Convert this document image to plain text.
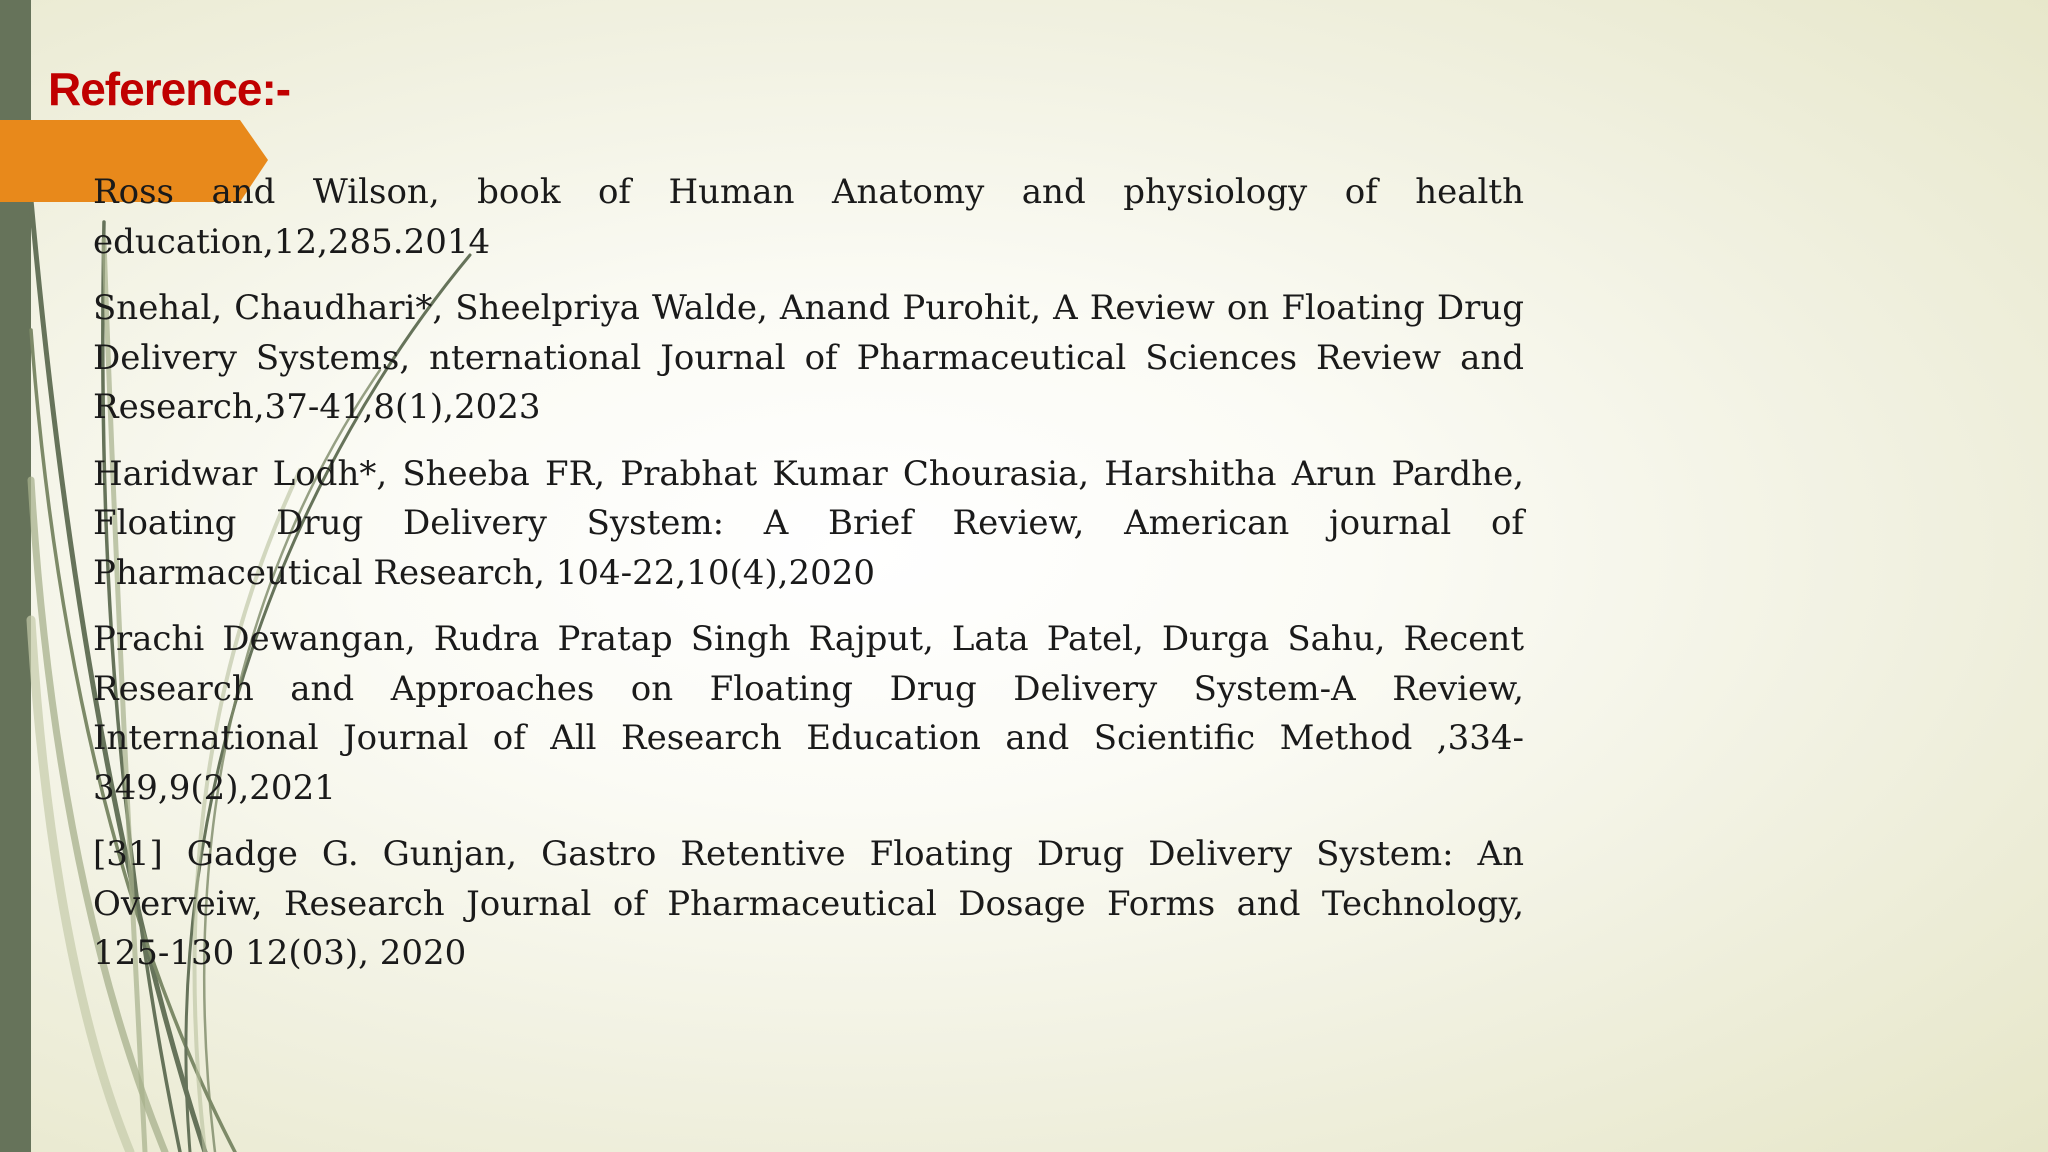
Reference:-
Ross and Wilson, book of Human Anatomy and physiology of health education,12,285.2014
Snehal, Chaudhari*, Sheelpriya Walde, Anand Purohit, A Review on Floating Drug Delivery Systems, nternational Journal of Pharmaceutical Sciences Review and Research,37-41,8(1),2023
Haridwar Lodh*, Sheeba FR, Prabhat Kumar Chourasia, Harshitha Arun Pardhe, Floating Drug Delivery System: A Brief Review, American journal of Pharmaceutical Research, 104-22,10(4),2020
Prachi Dewangan, Rudra Pratap Singh Rajput, Lata Patel, Durga Sahu, Recent Research and Approaches on Floating Drug Delivery System-A Review, International Journal of All Research Education and Scientific Method ,334-349,9(2),2021
[31] Gadge G. Gunjan, Gastro Retentive Floating Drug Delivery System: An Overveiw, Research Journal of Pharmaceutical Dosage Forms and Technology, 125-130 12(03), 2020
